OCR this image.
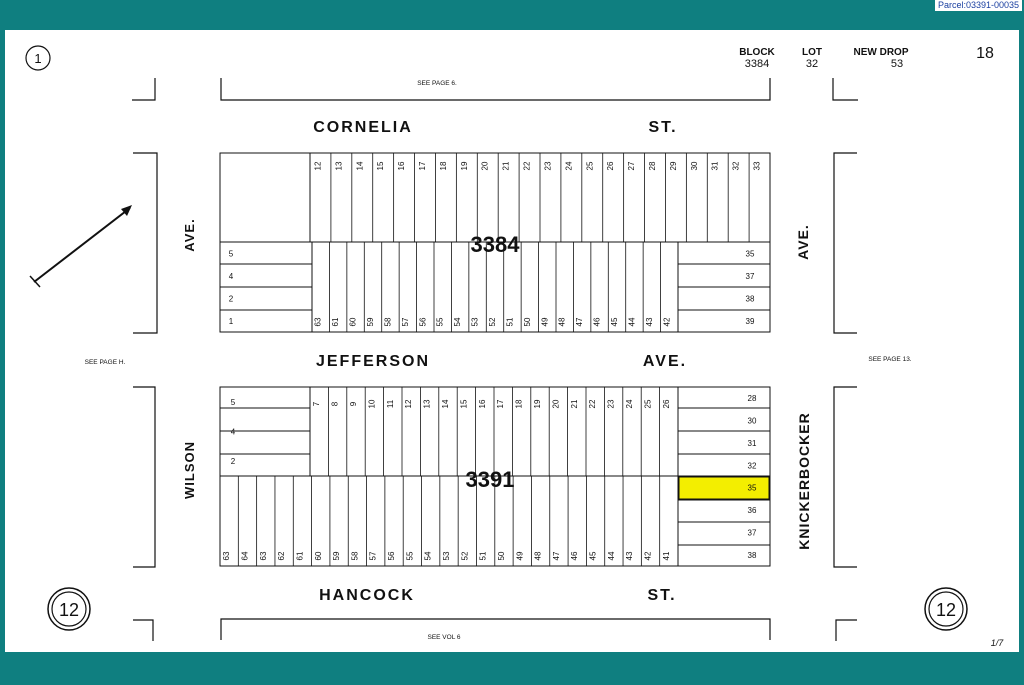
Parcel:03391-00035
12 13 14 15 16 17 18 19 20 21 22 23 24 25 26 27 28 29 30 31 32 33
63 61 60 59 58 57 56 55 54 53 52 51 50 49 48 47 46 45 44 43 42
7 8 9 10 11 12 13 14 15 16 17 18 19 20 21 22 23 24 25 26
63 64 63 62 61 60 59 58 57 56 55 54 53 52 51 50 49 48 47 46 45 44 43 42 41
35
37
38
39
5
4
2
1
28
30
31
32
35
36
37
38
5
4
2
3384
3391
CORNELIA	ST.
JEFFERSON	AVE.
HANCOCK	ST.
WILSON
AVE.
KNICKERBOCKER
AVE.
SEE PAGE 6.
SEE PAGE H.	SEE PAGE 13.
SEE VOL 6
1	BLOCK
3384
LOT
32
NEW DROP
53
18
1/7
12	12
